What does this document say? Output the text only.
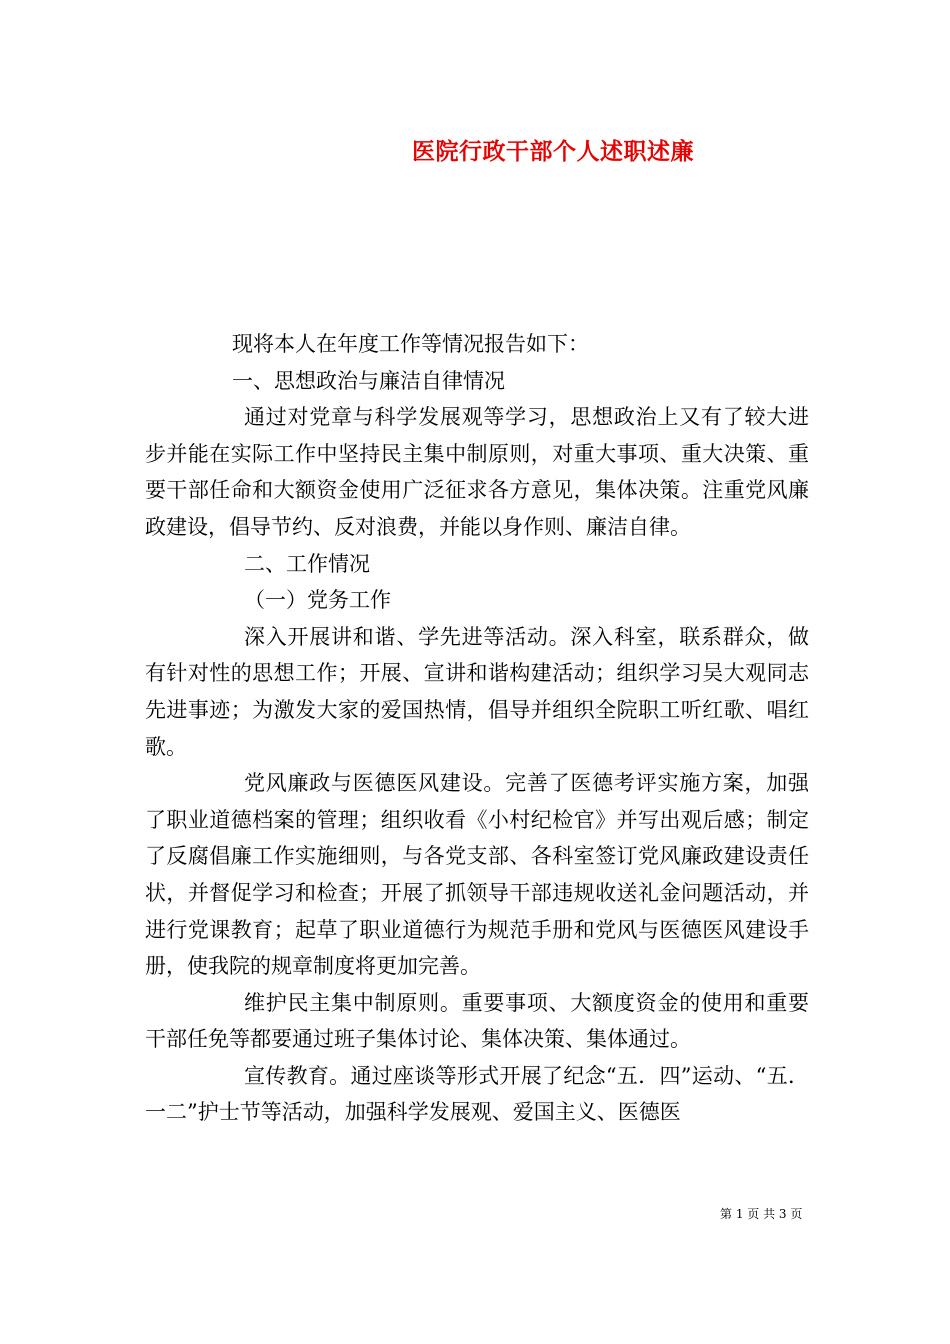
医院行政干部个人述职述廉

现将本人在年度工作等情况报告如下：

一、思想政治与廉洁自律情况

通过对党章与科学发展观等学习，思想政治上又有了较大进步并能在实际工作中坚持民主集中制原则，对重大事项、重大决策、重要干部任命和大额资金使用广泛征求各方意见，集体决策。注重党风廉政建设，倡导节约、反对浪费，并能以身作则、廉洁自律。

二、工作情况

（一）党务工作

深入开展讲和谐、学先进等活动。深入科室，联系群众，做有针对性的思想工作；开展、宣讲和谐构建活动；组织学习吴大观同志先进事迹；为激发大家的爱国热情，倡导并组织全院职工听红歌、唱红歌。

党风廉政与医德医风建设。完善了医德考评实施方案，加强了职业道德档案的管理；组织收看《小村纪检官》并写出观后感；制定了反腐倡廉工作实施细则，与各党支部、各科室签订党风廉政建设责任状，并督促学习和检查；开展了抓领导干部违规收送礼金问题活动，并进行党课教育；起草了职业道德行为规范手册和党风与医德医风建设手册，使我院的规章制度将更加完善。

维护民主集中制原则。重要事项、大额度资金的使用和重要干部任免等都要通过班子集体讨论、集体决策、集体通过。

宣传教育。通过座谈等形式开展了纪念“五．四”运动、“五．一二”护士节等活动，加强科学发展观、爱国主义、医德医

第 1 页 共 3 页
